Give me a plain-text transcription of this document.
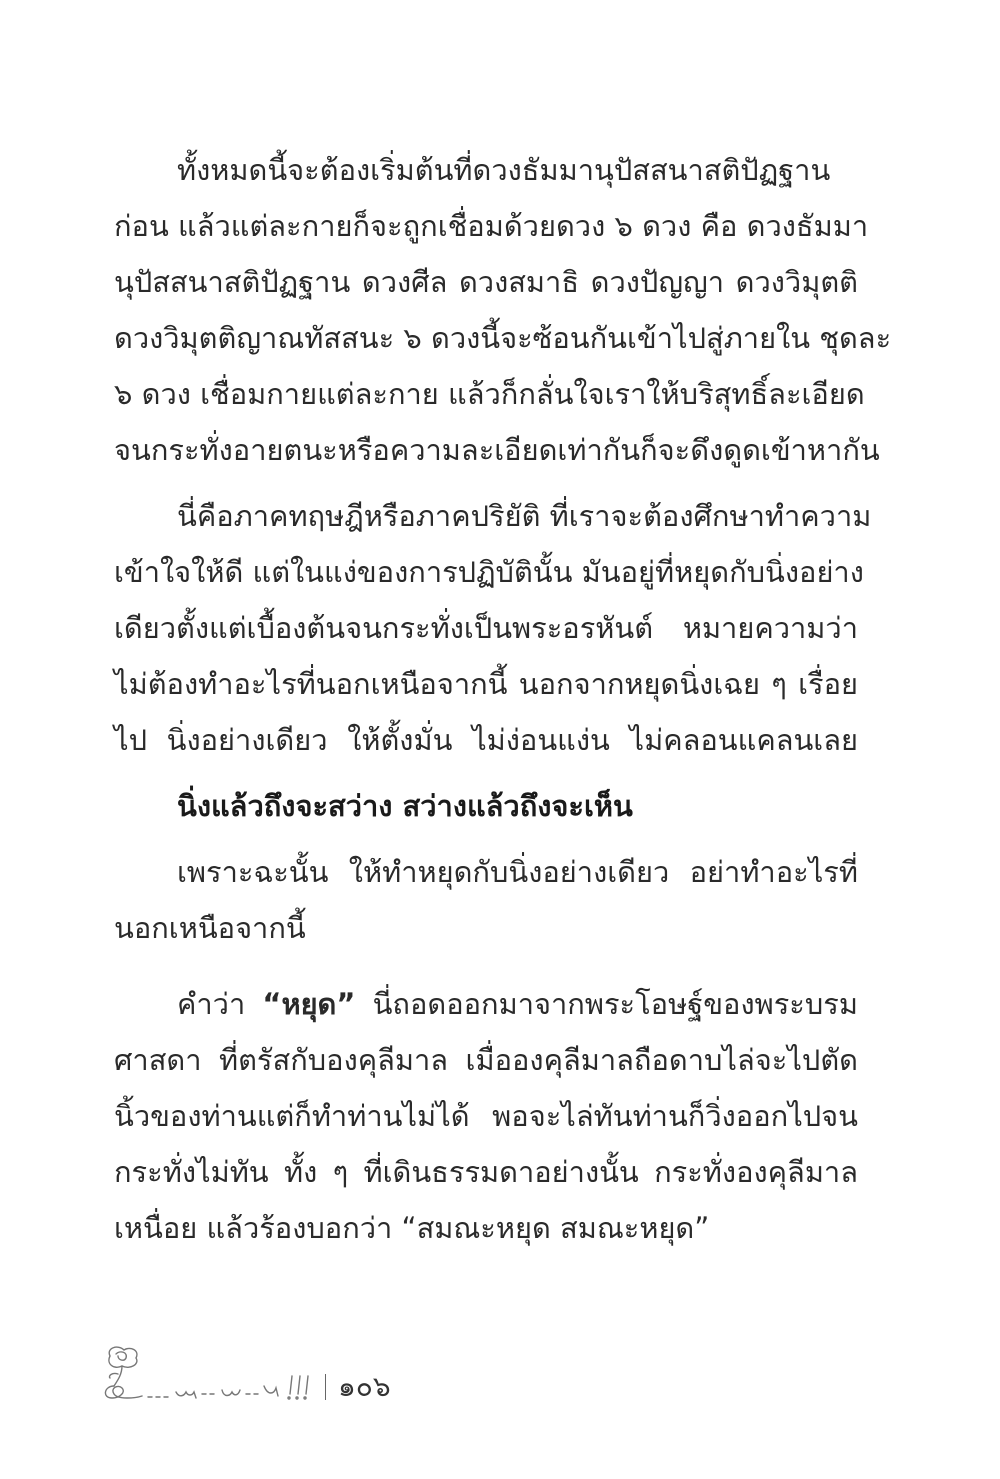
ทั้งหมดนี้จะต้องเริ่มต้นที่ดวงธัมมานุปัสสนาสติปัฏฐาน

ก่อน แล้วแต่ละกายก็จะถูกเชื่อมด้วยดวง ๖ ดวง คือ ดวงธัมมา

นุปัสสนาสติปัฏฐาน ดวงศีล ดวงสมาธิ ดวงปัญญา ดวงวิมุตติ

ดวงวิมุตติญาณทัสสนะ ๖ ดวงนี้จะซ้อนกันเข้าไปสู่ภายใน ชุดละ

๖ ดวง เชื่อมกายแต่ละกาย แล้วก็กลั่นใจเราให้บริสุทธิ์ละเอียด

จนกระทั่งอายตนะหรือความละเอียดเท่ากันก็จะดึงดูดเข้าหากัน

นี่คือภาคทฤษฎีหรือภาคปริยัติ ที่เราจะต้องศึกษาทำความ

เข้าใจให้ดี แต่ในแง่ของการปฏิบัตินั้น มันอยู่ที่หยุดกับนิ่งอย่าง

เดียวตั้งแต่เบื้องต้นจนกระทั่งเป็นพระอรหันต์ หมายความว่า

ไม่ต้องทำอะไรที่นอกเหนือจากนี้ นอกจากหยุดนิ่งเฉย ๆ เรื่อย

ไป นิ่งอย่างเดียว ให้ตั้งมั่น ไม่ง่อนแง่น ไม่คลอนแคลนเลย

นิ่งแล้วถึงจะสว่าง สว่างแล้วถึงจะเห็น

เพราะฉะนั้น ให้ทำหยุดกับนิ่งอย่างเดียว อย่าทำอะไรที่

นอกเหนือจากนี้

คำว่า “หยุด” นี่ถอดออกมาจากพระโอษฐ์ของพระบรม

ศาสดา ที่ตรัสกับองคุลีมาล เมื่อองคุลีมาลถือดาบไล่จะไปตัด

นิ้วของท่านแต่ก็ทำท่านไม่ได้ พอจะไล่ทันท่านก็วิ่งออกไปจน

กระทั่งไม่ทัน ทั้ง ๆ ที่เดินธรรมดาอย่างนั้น กระทั่งองคุลีมาล

เหนื่อย แล้วร้องบอกว่า “สมณะหยุด สมณะหยุด”

๑๐๖
